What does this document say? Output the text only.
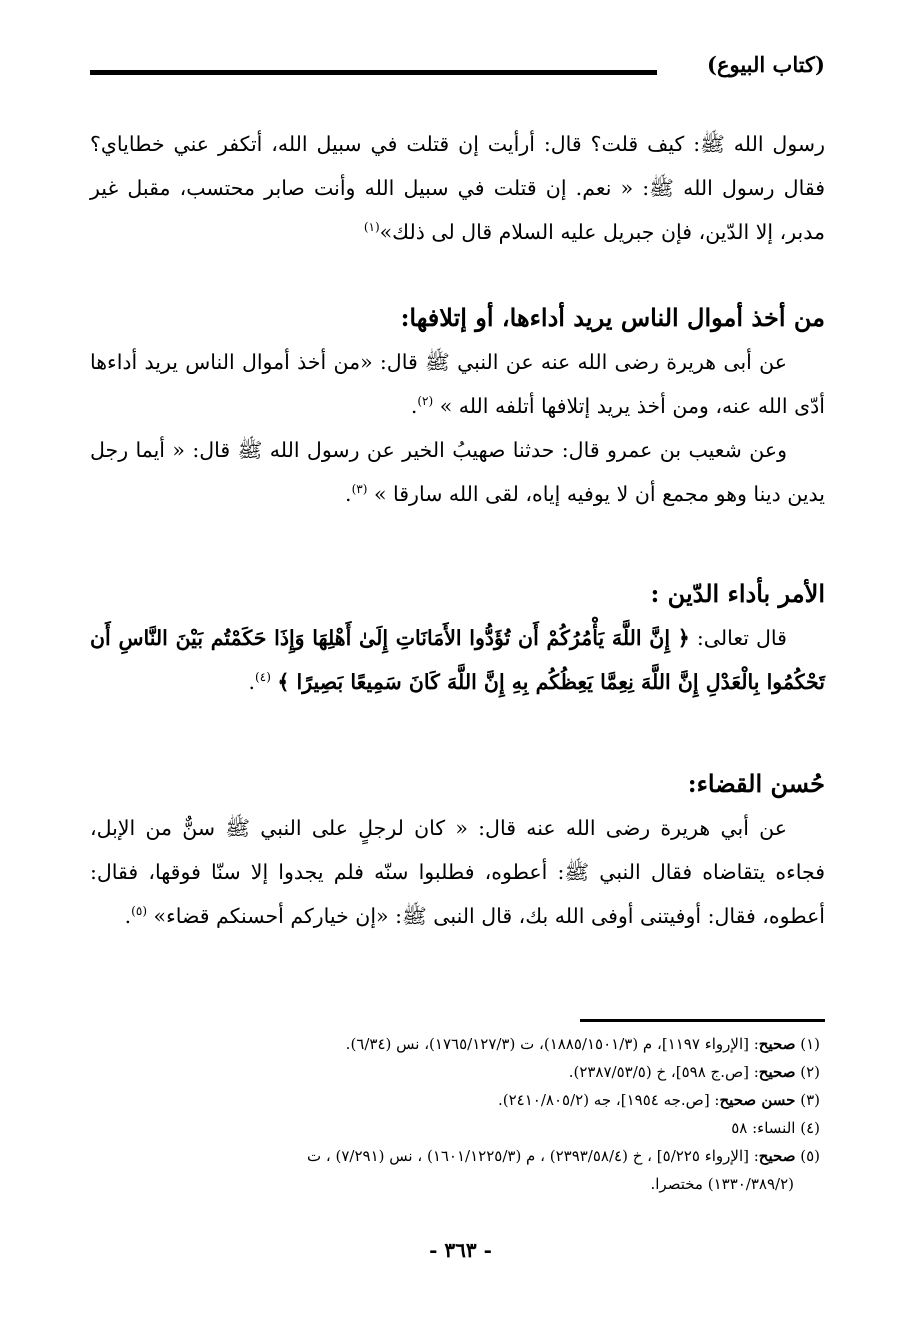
(كتاب البيوع)

رسول الله ﷺ: كيف قلت؟ قال: أرأيت إن قتلت في سبيل الله، أتكفر عني خطاياي؟ فقال رسول الله ﷺ: « نعم. إن قتلت في سبيل الله وأنت صابر محتسب، مقبل غير مدبر، إلا الدّين، فإن جبريل عليه السلام قال لى ذلك»$^{(١)}$

من أخذ أموال الناس يريد أداءها، أو إتلافها:

عن أبى هريرة رضى الله عنه عن النبي ﷺ قال: «من أخذ أموال الناس يريد أداءها أدّى الله عنه، ومن أخذ يريد إتلافها أتلفه الله » $^{(٢)}$.

وعن شعيب بن عمرو قال: حدثنا صهيبُ الخير عن رسول الله ﷺ قال: « أيما رجل يدين دينا وهو مجمع أن لا يوفيه إياه، لقى الله سارقا » $^{(٣)}$.

الأمر بأداء الدّين :

قال تعالى: ﴿ إِنَّ اللَّهَ يَأْمُرُكُمْ أَن تُؤَدُّوا الأَمَانَاتِ إِلَىٰ أَهْلِهَا وَإِذَا حَكَمْتُم بَيْنَ النَّاسِ أَن تَحْكُمُوا بِالْعَدْلِ إِنَّ اللَّهَ نِعِمَّا يَعِظُكُم بِهِ إِنَّ اللَّهَ كَانَ سَمِيعًا بَصِيرًا ﴾ $^{(٤)}$.

حُسن القضاء:

عن أبي هريرة رضى الله عنه قال: « كان لرجلٍ على النبي ﷺ سنٌّ من الإبل، فجاءه يتقاضاه فقال النبي ﷺ: أعطوه، فطلبوا سنّه فلم يجدوا إلا سنّا فوقها، فقال: أعطوه، فقال: أوفيتنى أوفى الله بك، قال النبى ﷺ: «إن خياركم أحسنكم قضاء» $^{(٥)}$.

(١) صحيح: [الإرواء ١١٩٧]، م (١٨٨٥/١٥٠١/٣)، ت (١٧٦٥/١٢٧/٣)، نس (٦/٣٤).

(٢) صحيح: [ص.ج ٥٩٨]، خ (٢٣٨٧/٥٣/٥).

(٣) حسن صحيح: [ص.جه ١٩٥٤]، جه (٢٤١٠/٨٠٥/٢).

(٤) النساء: ٥٨

(٥) صحيح: [الإرواء ٥/٢٢٥] ، خ (٢٣٩٣/٥٨/٤) ، م (١٦٠١/١٢٢٥/٣) ، نس (٧/٢٩١) ، ت

(١٣٣٠/٣٨٩/٢) مختصرا.

- ٣٦٣ -
